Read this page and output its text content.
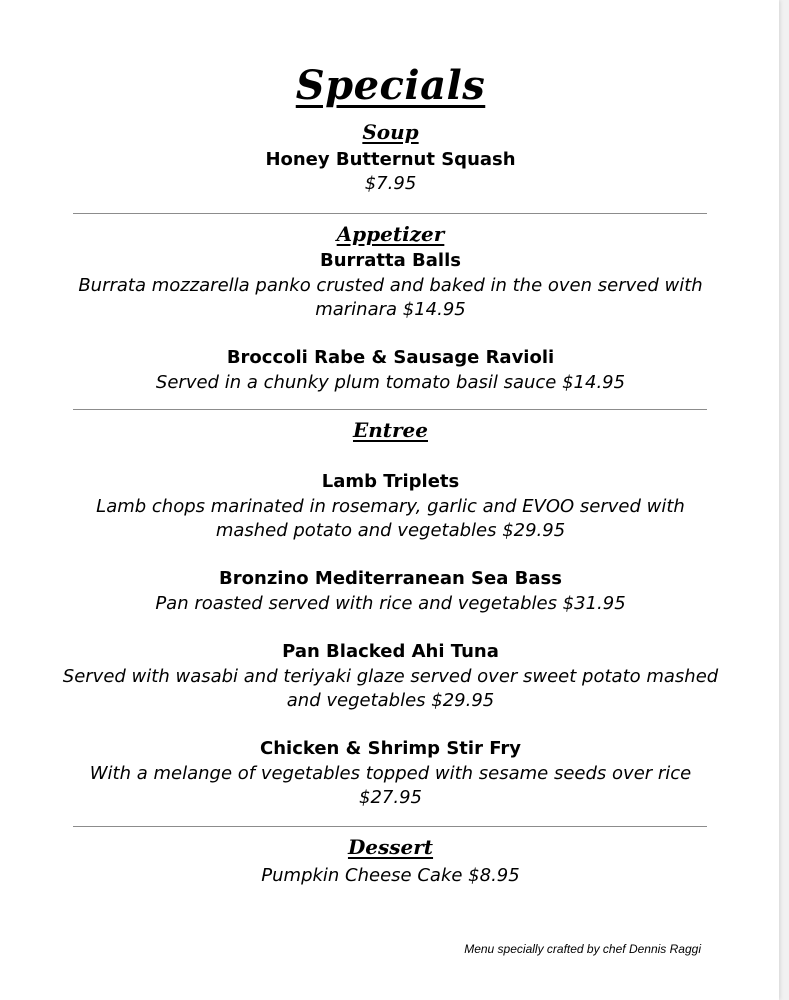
Specials
Soup
Honey Butternut Squash
$7.95
Appetizer
Burratta Balls
Burrata mozzarella panko crusted and baked in the oven served with marinara $14.95
Broccoli Rabe & Sausage Ravioli
Served in a chunky plum tomato basil sauce $14.95
Entree
Lamb Triplets
Lamb chops marinated in rosemary, garlic and EVOO served with mashed potato and vegetables $29.95
Bronzino Mediterranean Sea Bass
Pan roasted served with rice and vegetables $31.95
Pan Blacked Ahi Tuna
Served with wasabi and teriyaki glaze served over sweet potato mashed and vegetables $29.95
Chicken & Shrimp Stir Fry
With a melange of vegetables topped with sesame seeds over rice $27.95
Dessert
Pumpkin Cheese Cake $8.95
Menu specially crafted by chef Dennis Raggi
